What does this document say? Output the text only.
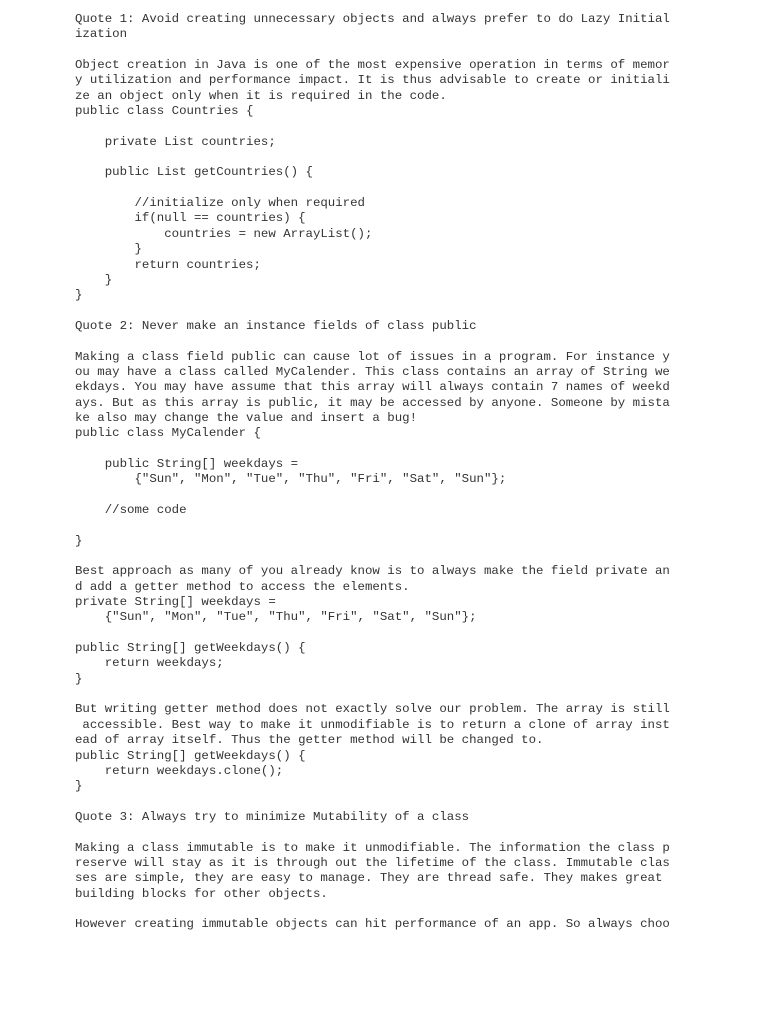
Quote 1: Avoid creating unnecessary objects and always prefer to do Lazy Initial
ization
Object creation in Java is one of the most expensive operation in terms of memor
y utilization and performance impact. It is thus advisable to create or initiali
ze an object only when it is required in the code.
public class Countries {
private List countries;
public List getCountries() {
//initialize only when required
if(null == countries) {
countries = new ArrayList();
}
return countries;
}
}
Quote 2: Never make an instance fields of class public
Making a class field public can cause lot of issues in a program. For instance y
ou may have a class called MyCalender. This class contains an array of String we
ekdays. You may have assume that this array will always contain 7 names of weekd
ays. But as this array is public, it may be accessed by anyone. Someone by mista
ke also may change the value and insert a bug!
public class MyCalender {
public String[] weekdays =
{"Sun", "Mon", "Tue", "Thu", "Fri", "Sat", "Sun"};
//some code
}
Best approach as many of you already know is to always make the field private an
d add a getter method to access the elements.
private String[] weekdays =
{"Sun", "Mon", "Tue", "Thu", "Fri", "Sat", "Sun"};
public String[] getWeekdays() {
return weekdays;
}
But writing getter method does not exactly solve our problem. The array is still
accessible. Best way to make it unmodifiable is to return a clone of array inst
ead of array itself. Thus the getter method will be changed to.
public String[] getWeekdays() {
return weekdays.clone();
}
Quote 3: Always try to minimize Mutability of a class
Making a class immutable is to make it unmodifiable. The information the class p
reserve will stay as it is through out the lifetime of the class. Immutable clas
ses are simple, they are easy to manage. They are thread safe. They makes great
building blocks for other objects.
However creating immutable objects can hit performance of an app. So always choo
